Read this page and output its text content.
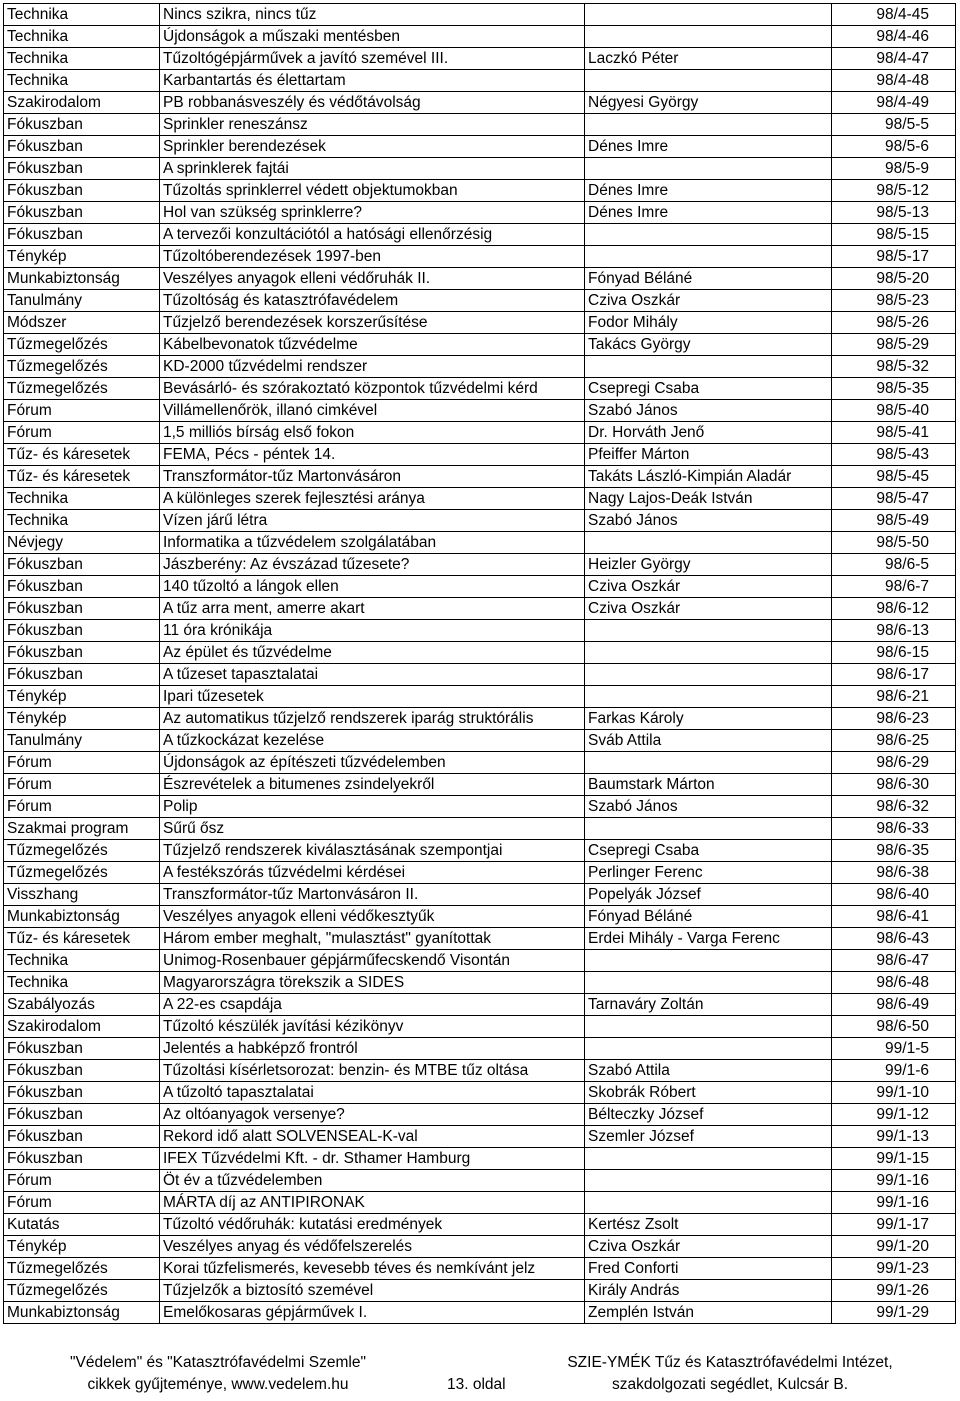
Technika	Nincs szikra, nincs tűz		98/4-45
Technika	Újdonságok a műszaki mentésben		98/4-46
Technika	Tűzoltógépjárművek a javító szemével III.	Laczkó Péter	98/4-47
Technika	Karbantartás és élettartam		98/4-48
Szakirodalom	PB robbanásveszély és védőtávolság	Négyesi György	98/4-49
Fókuszban	Sprinkler reneszánsz		98/5-5
Fókuszban	Sprinkler berendezések	Dénes Imre	98/5-6
Fókuszban	A sprinklerek fajtái		98/5-9
Fókuszban	Tűzoltás sprinklerrel védett objektumokban	Dénes Imre	98/5-12
Fókuszban	Hol van szükség sprinklerre?	Dénes Imre	98/5-13
Fókuszban	A tervezői konzultációtól a hatósági ellenőrzésig		98/5-15
Ténykép	Tűzoltóberendezések 1997-ben		98/5-17
Munkabiztonság	Veszélyes anyagok elleni védőruhák II.	Fónyad Béláné	98/5-20
Tanulmány	Tűzoltóság és katasztrófavédelem	Cziva Oszkár	98/5-23
Módszer	Tűzjelző berendezések korszerűsítése	Fodor Mihály	98/5-26
Tűzmegelőzés	Kábelbevonatok tűzvédelme	Takács György	98/5-29
Tűzmegelőzés	KD-2000 tűzvédelmi rendszer		98/5-32
Tűzmegelőzés	Bevásárló- és szórakoztató központok tűzvédelmi kérd	Csepregi Csaba	98/5-35
Fórum	Villámellenőrök, illanó cimkével	Szabó János	98/5-40
Fórum	1,5 milliós bírság első fokon	Dr. Horváth Jenő	98/5-41
Tűz- és káresetek	FEMA, Pécs - péntek 14.	Pfeiffer Márton	98/5-43
Tűz- és káresetek	Transzformátor-tűz Martonvásáron	Takáts László-Kimpián Aladár	98/5-45
Technika	A különleges szerek fejlesztési aránya	Nagy Lajos-Deák István	98/5-47
Technika	Vízen járű létra	Szabó János	98/5-49
Névjegy	Informatika a tűzvédelem szolgálatában		98/5-50
Fókuszban	Jászberény: Az évszázad tűzesete?	Heizler György	98/6-5
Fókuszban	140 tűzoltó a lángok ellen	Cziva Oszkár	98/6-7
Fókuszban	A tűz arra ment, amerre akart	Cziva Oszkár	98/6-12
Fókuszban	11 óra krónikája		98/6-13
Fókuszban	Az épület és tűzvédelme		98/6-15
Fókuszban	A tűzeset tapasztalatai		98/6-17
Ténykép	Ipari tűzesetek		98/6-21
Ténykép	Az automatikus tűzjelző rendszerek iparág struktórális	Farkas Károly	98/6-23
Tanulmány	A tűzkockázat kezelése	Sváb Attila	98/6-25
Fórum	Újdonságok az építészeti tűzvédelemben		98/6-29
Fórum	Észrevételek a bitumenes zsindelyekről	Baumstark Márton	98/6-30
Fórum	Polip	Szabó János	98/6-32
Szakmai program	Sűrű ősz		98/6-33
Tűzmegelőzés	Tűzjelző rendszerek kiválasztásának szempontjai	Csepregi Csaba	98/6-35
Tűzmegelőzés	A festékszórás tűzvédelmi kérdései	Perlinger Ferenc	98/6-38
Visszhang	Transzformátor-tűz Martonvásáron II.	Popelyák József	98/6-40
Munkabiztonság	Veszélyes anyagok elleni védőkesztyűk	Fónyad Béláné	98/6-41
Tűz- és káresetek	Három ember meghalt, "mulasztást" gyanítottak	Erdei Mihály - Varga Ferenc	98/6-43
Technika	Unimog-Rosenbauer gépjárműfecskendő Visontán		98/6-47
Technika	Magyarországra törekszik a SIDES		98/6-48
Szabályozás	A 22-es csapdája	Tarnaváry Zoltán	98/6-49
Szakirodalom	Tűzoltó készülék javítási kézikönyv		98/6-50
Fókuszban	Jelentés a habképző frontról		99/1-5
Fókuszban	Tűzoltási kísérletsorozat: benzin- és MTBE tűz oltása	Szabó Attila	99/1-6
Fókuszban	A tűzoltó tapasztalatai	Skobrák Róbert	99/1-10
Fókuszban	Az oltóanyagok versenye?	Bélteczky József	99/1-12
Fókuszban	Rekord idő alatt SOLVENSEAL-K-val	Szemler József	99/1-13
Fókuszban	IFEX Tűzvédelmi Kft. - dr. Sthamer Hamburg		99/1-15
Fórum	Öt év a tűzvédelemben		99/1-16
Fórum	MÁRTA díj az ANTIPIRONAK		99/1-16
Kutatás	Tűzoltó védőruhák: kutatási eredmények	Kertész Zsolt	99/1-17
Ténykép	Veszélyes anyag és védőfelszerelés	Cziva Oszkár	99/1-20
Tűzmegelőzés	Korai tűzfelismerés, kevesebb téves és nemkívánt jelz	Fred Conforti	99/1-23
Tűzmegelőzés	Tűzjelzők a biztosító szemével	Király András	99/1-26
Munkabiztonság	Emelőkosaras gépjárművek I.	Zemplén István	99/1-29
"Védelem" és "Katasztrófavédelmi Szemle"
cikkek gyűjteménye, www.vedelem.hu	13. oldal
SZIE-YMÉK Tűz és Katasztrófavédelmi Intézet,
szakdolgozati segédlet, Kulcsár B.
